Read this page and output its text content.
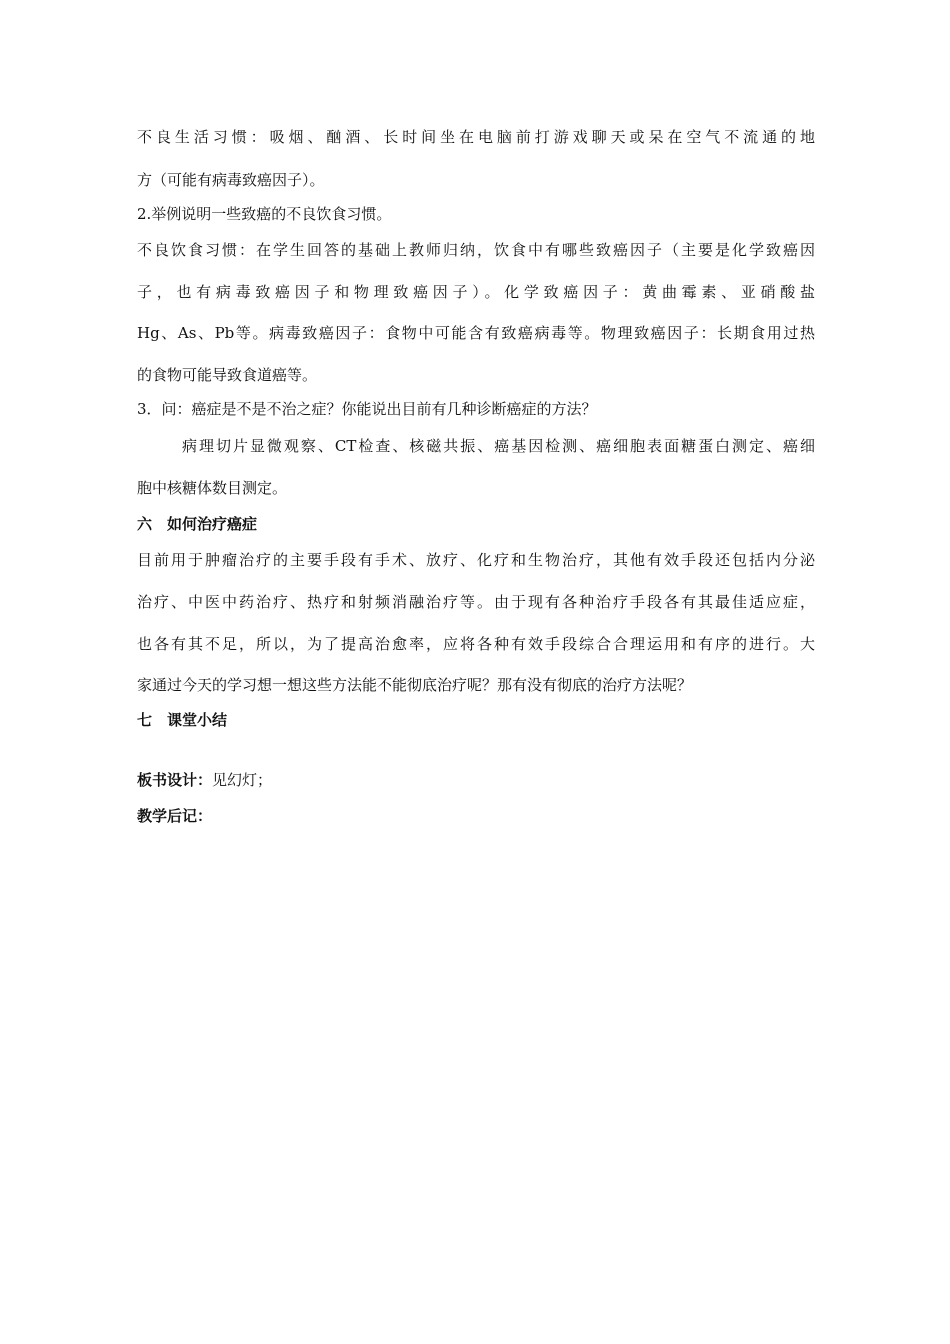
不良生活习惯：吸烟、酗酒、长时间坐在电脑前打游戏聊天或呆在空气不流通的地
方（可能有病毒致癌因子）。
2.举例说明一些致癌的不良饮食习惯。
不良饮食习惯：在学生回答的基础上教师归纳，饮食中有哪些致癌因子（主要是化学致癌因
子，也有病毒致癌因子和物理致癌因子）。化学致癌因子：黄曲霉素、亚硝酸盐
Hg、As、Pb等。病毒致癌因子：食物中可能含有致癌病毒等。物理致癌因子：长期食用过热
的食物可能导致食道癌等。
3．问：癌症是不是不治之症？你能说出目前有几种诊断癌症的方法？
病理切片显微观察、CT检查、核磁共振、癌基因检测、癌细胞表面糖蛋白测定、癌细
胞中核糖体数目测定。
六　如何治疗癌症
目前用于肿瘤治疗的主要手段有手术、放疗、化疗和生物治疗，其他有效手段还包括内分泌
治疗、中医中药治疗、热疗和射频消融治疗等。由于现有各种治疗手段各有其最佳适应症，
也各有其不足，所以，为了提高治愈率，应将各种有效手段综合合理运用和有序的进行。大
家通过今天的学习想一想这些方法能不能彻底治疗呢？那有没有彻底的治疗方法呢？
七　课堂小结
板书设计：见幻灯；
教学后记：
